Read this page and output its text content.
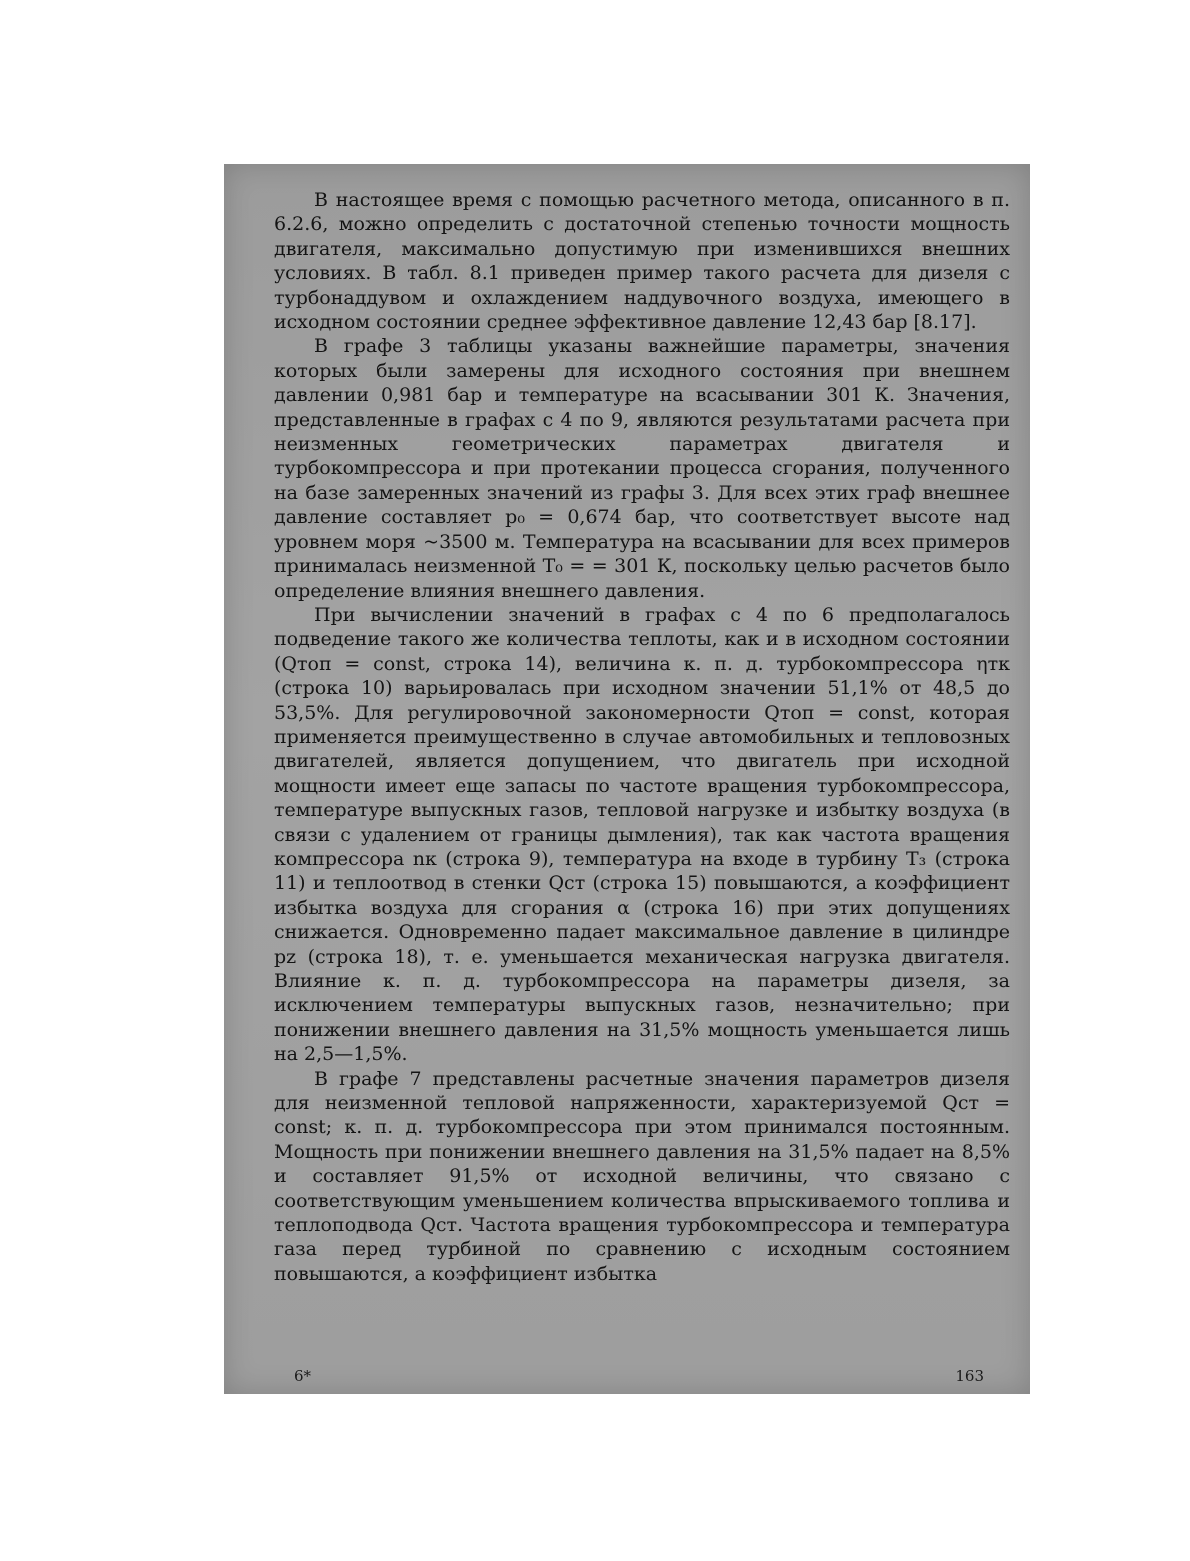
В настоящее время с помощью расчетного метода, описанного в п. 6.2.6, можно определить с достаточной степенью точности мощность двигателя, максимально допустимую при изменившихся внешних условиях. В табл. 8.1 приведен пример такого расчета для дизеля с турбонаддувом и охлаждением наддувочного воздуха, имеющего в исходном состоянии среднее эффективное давление 12,43 бар [8.17].

В графе 3 таблицы указаны важнейшие параметры, значения которых были замерены для исходного состояния при внешнем давлении 0,981 бар и температуре на всасывании 301 К. Значения, представленные в графах с 4 по 9, являются результатами расчета при неизменных геометрических параметрах двигателя и турбокомпрессора и при протекании процесса сгорания, полученного на базе замеренных значений из графы 3. Для всех этих граф внешнее давление составляет p₀ = 0,674 бар, что соответствует высоте над уровнем моря ~3500 м. Температура на всасывании для всех примеров принималась неизменной T₀ = = 301 К, поскольку целью расчетов было определение влияния внешнего давления.

При вычислении значений в графах с 4 по 6 предполагалось подведение такого же количества теплоты, как и в исходном состоянии (Qтоп = const, строка 14), величина к. п. д. турбокомпрессора ηтк (строка 10) варьировалась при исходном значении 51,1% от 48,5 до 53,5%. Для регулировочной закономерности Qтоп = const, которая применяется преимущественно в случае автомобильных и тепловозных двигателей, является допущением, что двигатель при исходной мощности имеет еще запасы по частоте вращения турбокомпрессора, температуре выпускных газов, тепловой нагрузке и избытку воздуха (в связи с удалением от границы дымления), так как частота вращения компрессора nк (строка 9), температура на входе в турбину T₃ (строка 11) и теплоотвод в стенки Qст (строка 15) повышаются, а коэффициент избытка воздуха для сгорания α (строка 16) при этих допущениях снижается. Одновременно падает максимальное давление в цилиндре pz (строка 18), т. е. уменьшается механическая нагрузка двигателя. Влияние к. п. д. турбокомпрессора на параметры дизеля, за исключением температуры выпускных газов, незначительно; при понижении внешнего давления на 31,5% мощность уменьшается лишь на 2,5—1,5%.

В графе 7 представлены расчетные значения параметров дизеля для неизменной тепловой напряженности, характеризуемой Qст = const; к. п. д. турбокомпрессора при этом принимался постоянным. Мощность при понижении внешнего давления на 31,5% падает на 8,5% и составляет 91,5% от исходной величины, что связано с соответствующим уменьшением количества впрыскиваемого топлива и теплоподвода Qст. Частота вращения турбокомпрессора и температура газа перед турбиной по сравнению с исходным состоянием повышаются, а коэффициент избытка

6*	163
